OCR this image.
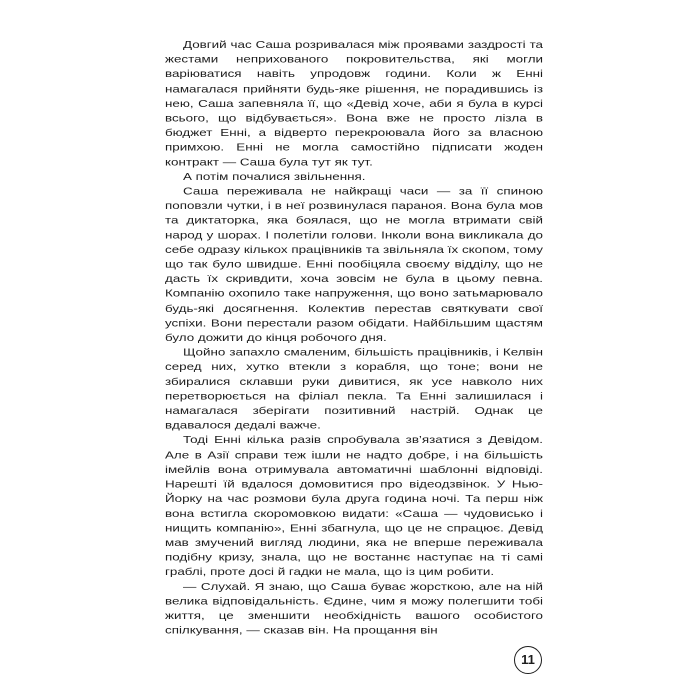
Довгий час Саша розривалася між проявами заздрості та жестами неприхованого покровительства, які могли варіюватися навіть упродовж години. Коли ж Енні намагалася прийняти будь-яке рішення, не порадившись із нею, Саша запевняла її, що «Девід хоче, аби я була в курсі всього, що відбувається». Вона вже не просто лізла в бюджет Енні, а відверто перекроювала його за власною примхою. Енні не могла самостійно підписати жоден контракт — Саша була тут як тут.

А потім почалися звільнення.

Саша переживала не найкращі часи — за її спиною поповзли чутки, і в неї розвинулася параноя. Вона була мов та диктаторка, яка боялася, що не могла втримати свій народ у шорах. І полетіли голови. Інколи вона викликала до себе одразу кількох працівників та звільняла їх скопом, тому що так було швидше. Енні пообіцяла своєму відділу, що не дасть їх скривдити, хоча зовсім не була в цьому певна. Компанію охопило таке напруження, що воно затьмарювало будь-які досягнення. Колектив перестав святкувати свої успіхи. Вони перестали разом обідати. Найбільшим щастям було дожити до кінця робочого дня.

Щойно запахло смаленим, більшість працівників, і Келвін серед них, хутко втекли з корабля, що тоне; вони не збиралися склавши руки дивитися, як усе навколо них перетворюється на філіал пекла. Та Енні залишилася і намагалася зберігати позитивний настрій. Однак це вдавалося дедалі важче.

Тоді Енні кілька разів спробувала зв’язатися з Девідом. Але в Азії справи теж ішли не надто добре, і на більшість імейлів вона отримувала автоматичні шаблонні відповіді. Нарешті їй вдалося домовитися про відеодзвінок. У Нью-Йорку на час розмови була друга година ночі. Та перш ніж вона встигла скоромовкою видати: «Саша — чудовисько і нищить компанію», Енні збагнула, що це не спрацює. Девід мав змучений вигляд людини, яка не вперше переживала подібну кризу, знала, що не востаннє наступає на ті самі граблі, проте досі й гадки не мала, що із цим робити.

— Слухай. Я знаю, що Саша буває жорсткою, але на ній велика відповідальність. Єдине, чим я можу полегшити тобі життя, це зменшити необхідність вашого особистого спілкування, — сказав він. На прощання він

11
